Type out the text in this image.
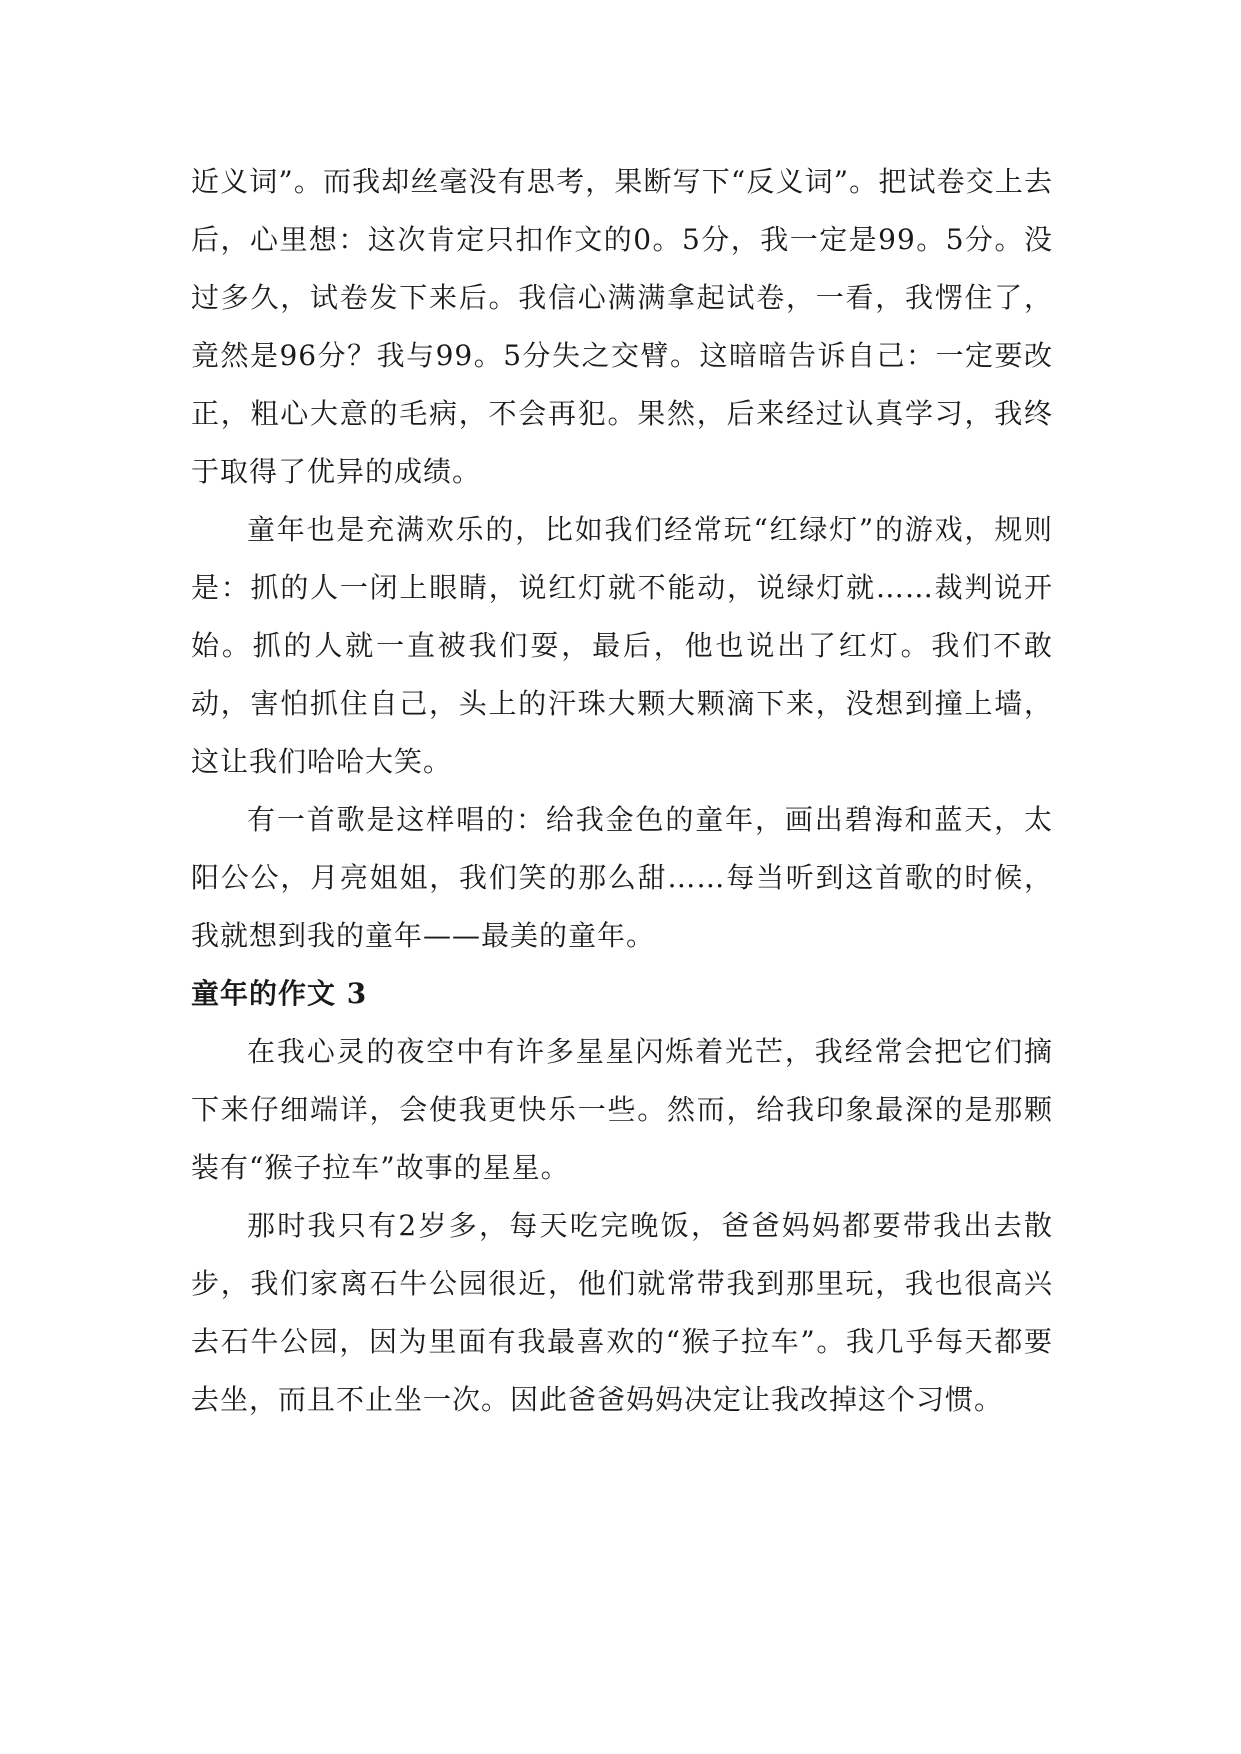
近义词”。而我却丝毫没有思考，果断写下“反义词”。把试卷交上去后，心里想：这次肯定只扣作文的0。5分，我一定是99。5分。没过多久，试卷发下来后。我信心满满拿起试卷，一看，我愣住了，竟然是96分？我与99。5分失之交臂。这暗暗告诉自己：一定要改正，粗心大意的毛病，不会再犯。果然，后来经过认真学习，我终于取得了优异的成绩。

童年也是充满欢乐的，比如我们经常玩“红绿灯”的游戏，规则是：抓的人一闭上眼睛，说红灯就不能动，说绿灯就……裁判说开始。抓的人就一直被我们耍，最后，他也说出了红灯。我们不敢动，害怕抓住自己，头上的汗珠大颗大颗滴下来，没想到撞上墙，这让我们哈哈大笑。

有一首歌是这样唱的：给我金色的童年，画出碧海和蓝天，太阳公公，月亮姐姐，我们笑的那么甜……每当听到这首歌的时候，我就想到我的童年——最美的童年。

童年的作文 3

在我心灵的夜空中有许多星星闪烁着光芒，我经常会把它们摘下来仔细端详，会使我更快乐一些。然而，给我印象最深的是那颗装有“猴子拉车”故事的星星。

那时我只有2岁多，每天吃完晚饭，爸爸妈妈都要带我出去散步，我们家离石牛公园很近，他们就常带我到那里玩，我也很高兴去石牛公园，因为里面有我最喜欢的“猴子拉车”。我几乎每天都要去坐，而且不止坐一次。因此爸爸妈妈决定让我改掉这个习惯。
